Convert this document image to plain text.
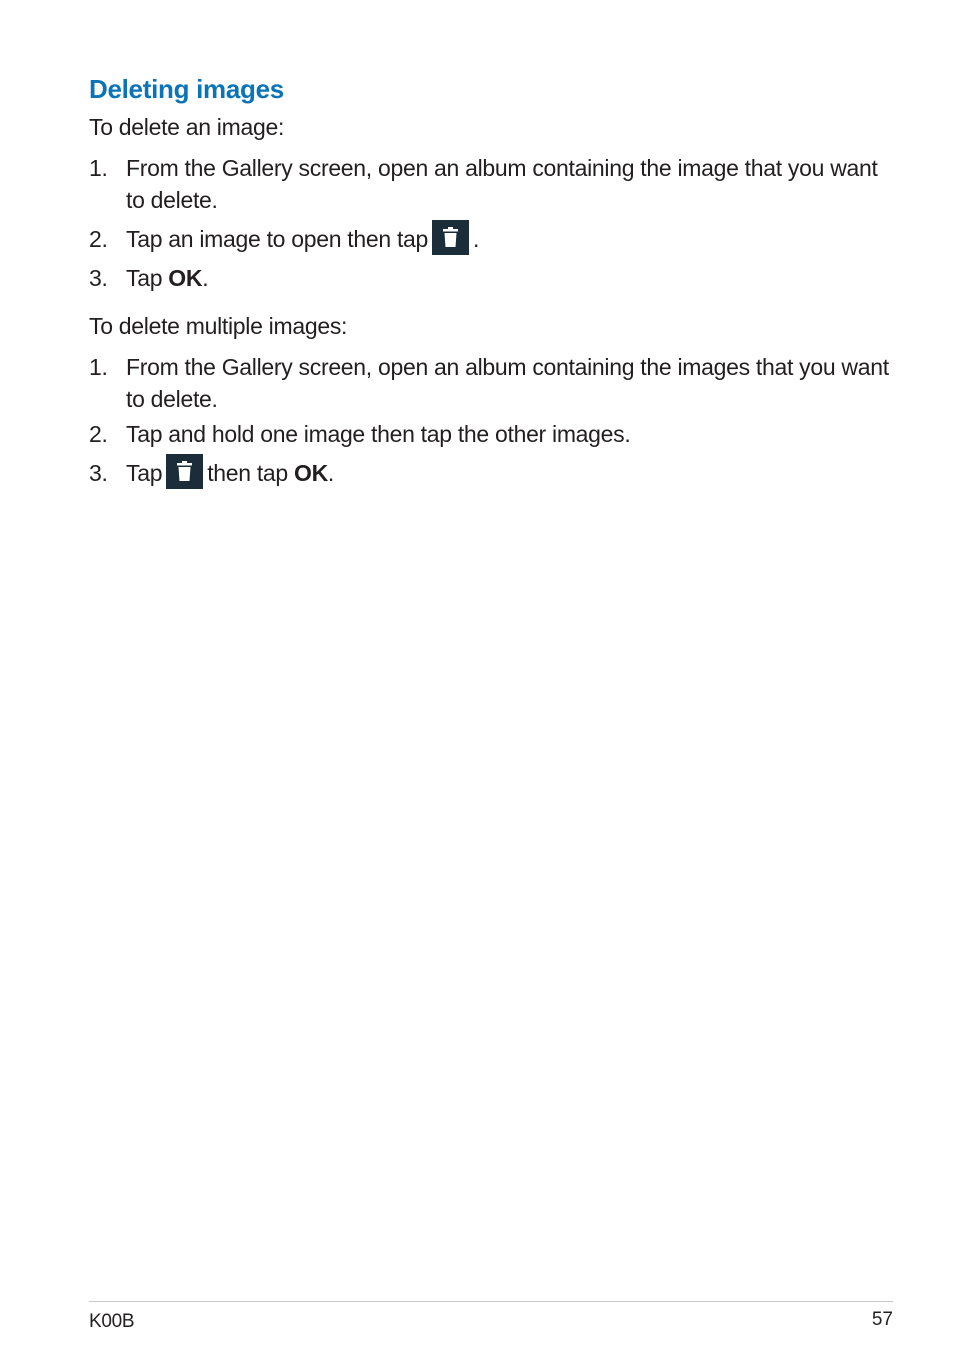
Deleting images

To delete an image:

1. From the Gallery screen, open an album containing the image that you want to delete.
2. Tap an image to open then tap .
3. Tap OK.

To delete multiple images:

1. From the Gallery screen, open an album containing the images that you want to delete.
2. Tap and hold one image then tap the other images.
3. Tap then tap OK.
K00B	57
